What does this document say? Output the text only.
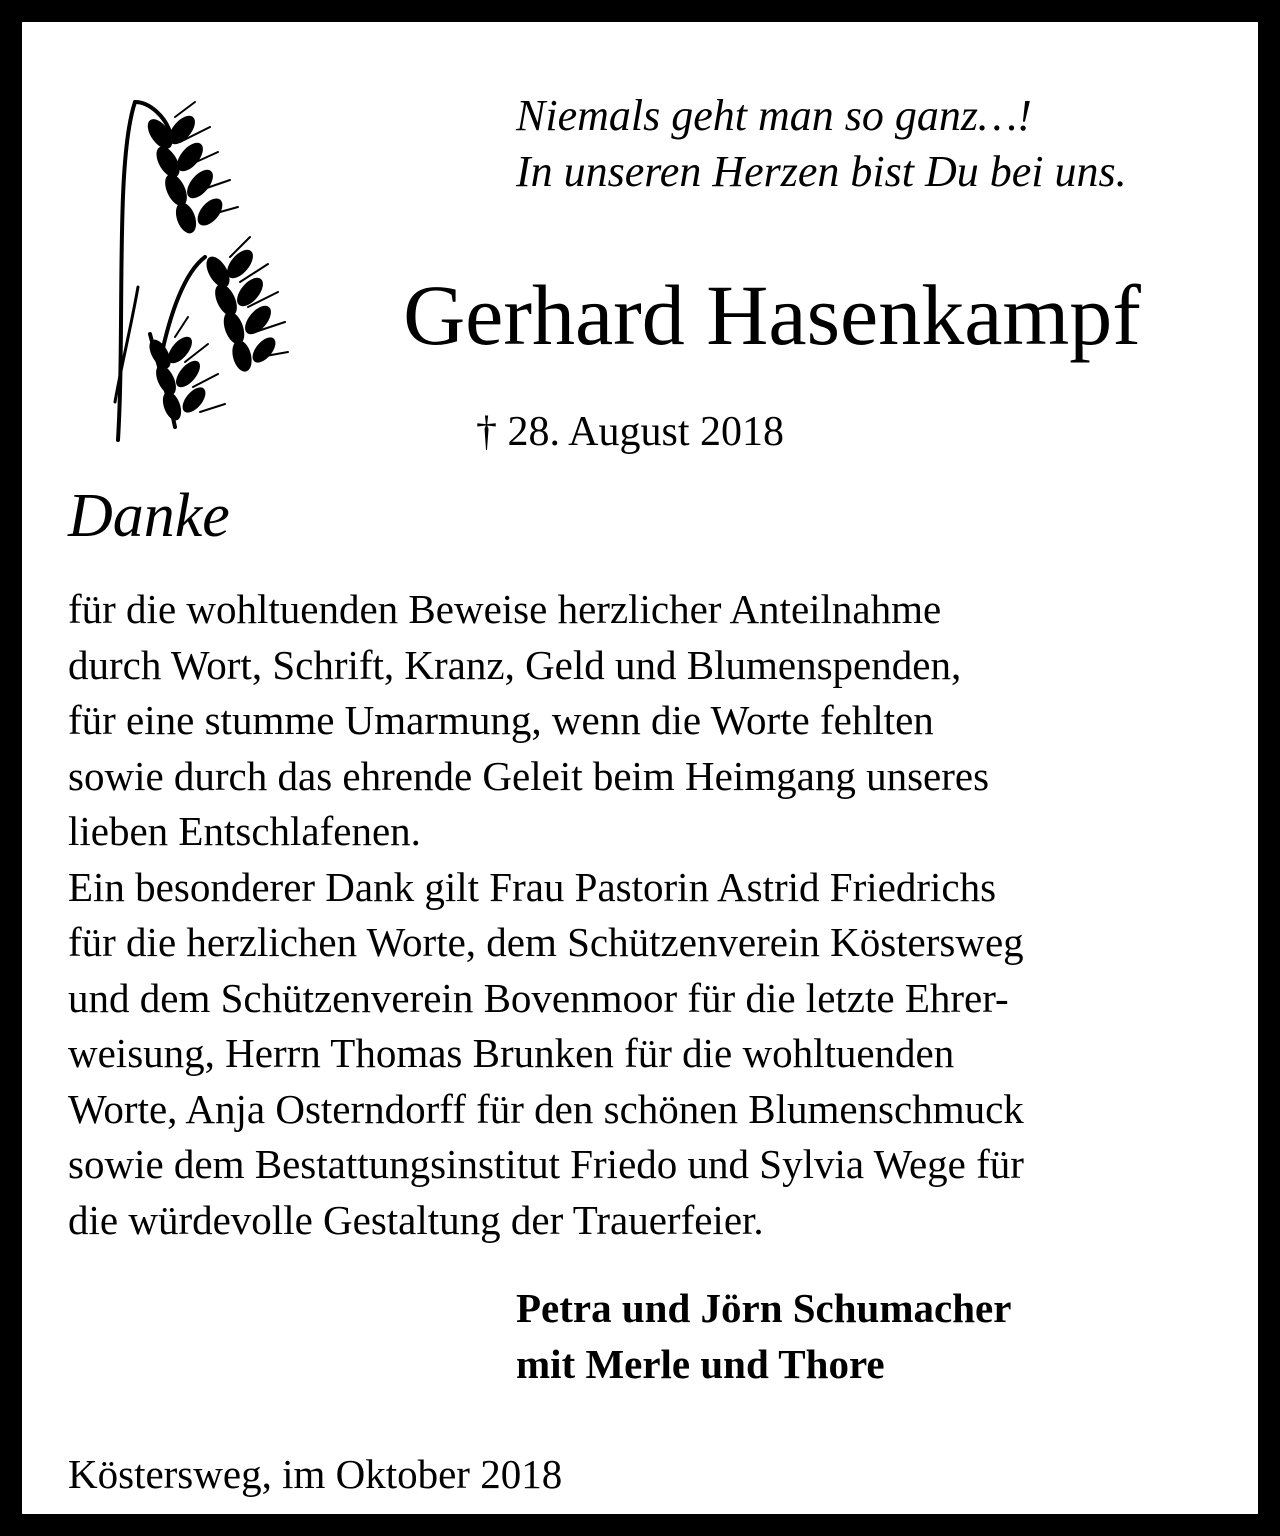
Niemals geht man so ganz…!
In unseren Herzen bist Du bei uns.
Gerhard Hasenkampf
† 28. August 2018
Danke
für die wohltuenden Beweise herzlicher Anteilnahme
durch Wort, Schrift, Kranz, Geld und Blumenspenden,
für eine stumme Umarmung, wenn die Worte fehlten
sowie durch das ehrende Geleit beim Heimgang unseres
lieben Entschlafenen.
Ein besonderer Dank gilt Frau Pastorin Astrid Friedrichs
für die herzlichen Worte, dem Schützenverein Köstersweg
und dem Schützenverein Bovenmoor für die letzte Ehrer-
weisung, Herrn Thomas Brunken für die wohltuenden
Worte, Anja Osterndorff für den schönen Blumenschmuck
sowie dem Bestattungsinstitut Friedo und Sylvia Wege für
die würdevolle Gestaltung der Trauerfeier.
Petra und Jörn Schumacher
mit Merle und Thore
Köstersweg, im Oktober 2018
